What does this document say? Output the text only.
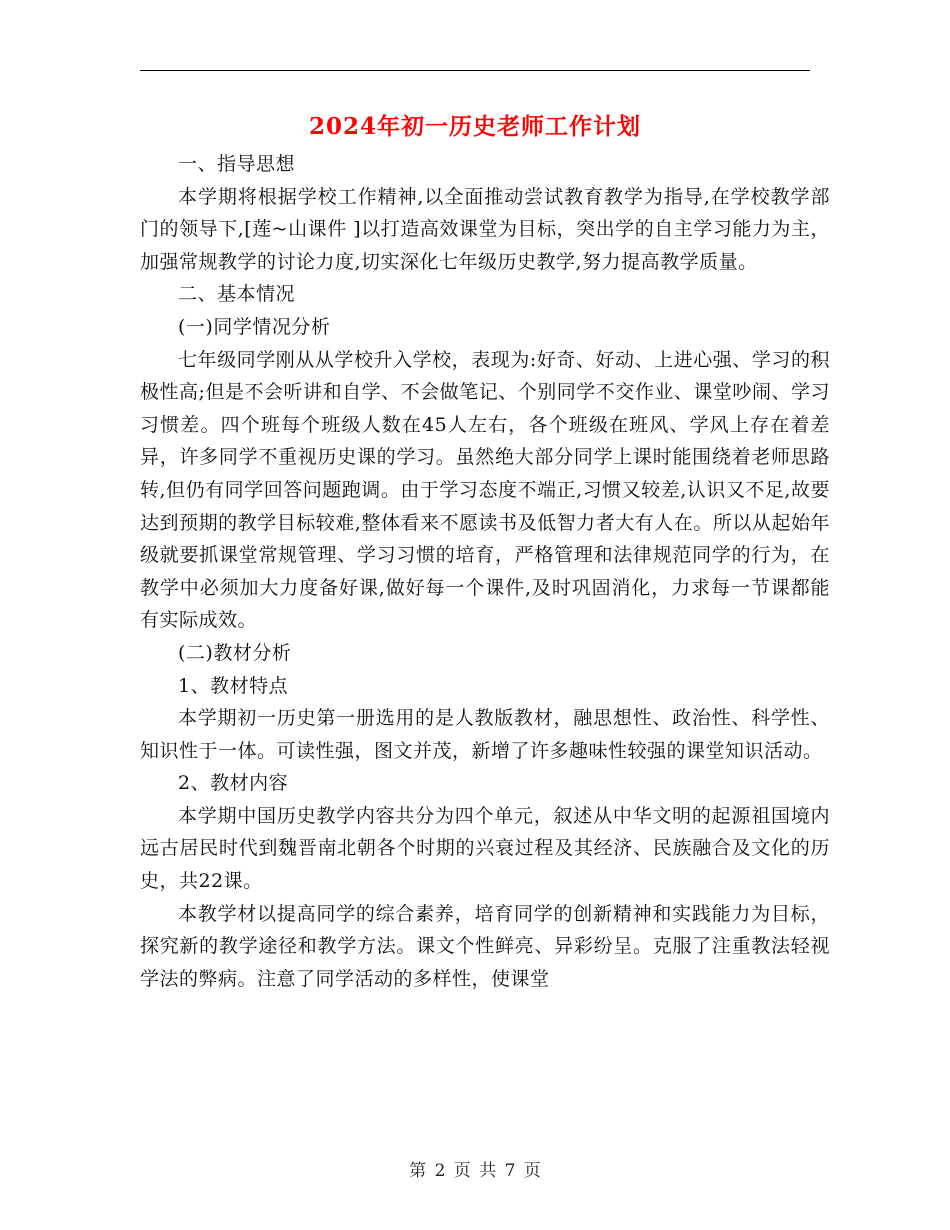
2024年初一历史老师工作计划

一、指导思想

本学期将根据学校工作精神,以全面推动尝试教育教学为指导,在学校教学部门的领导下,[莲~山课件 ]以打造高效课堂为目标，突出学的自主学习能力为主，加强常规教学的讨论力度,切实深化七年级历史教学,努力提高教学质量。

二、基本情况

(一)同学情况分析

七年级同学刚从从学校升入学校，表现为:好奇、好动、上进心强、学习的积极性高;但是不会听讲和自学、不会做笔记、个别同学不交作业、课堂吵闹、学习习惯差。四个班每个班级人数在45人左右，各个班级在班风、学风上存在着差异，许多同学不重视历史课的学习。虽然绝大部分同学上课时能围绕着老师思路转,但仍有同学回答问题跑调。由于学习态度不端正,习惯又较差,认识又不足,故要达到预期的教学目标较难,整体看来不愿读书及低智力者大有人在。所以从起始年级就要抓课堂常规管理、学习习惯的培育，严格管理和法律规范同学的行为，在教学中必须加大力度备好课,做好每一个课件,及时巩固消化，力求每一节课都能有实际成效。

(二)教材分析

1、教材特点

本学期初一历史第一册选用的是人教版教材，融思想性、政治性、科学性、知识性于一体。可读性强，图文并茂，新增了许多趣味性较强的课堂知识活动。

2、教材内容

本学期中国历史教学内容共分为四个单元，叙述从中华文明的起源祖国境内远古居民时代到魏晋南北朝各个时期的兴衰过程及其经济、民族融合及文化的历史，共22课。

本教学材以提高同学的综合素养，培育同学的创新精神和实践能力为目标，探究新的教学途径和教学方法。课文个性鲜亮、异彩纷呈。克服了注重教法轻视学法的弊病。注意了同学活动的多样性，使课堂

第 2 页 共 7 页
